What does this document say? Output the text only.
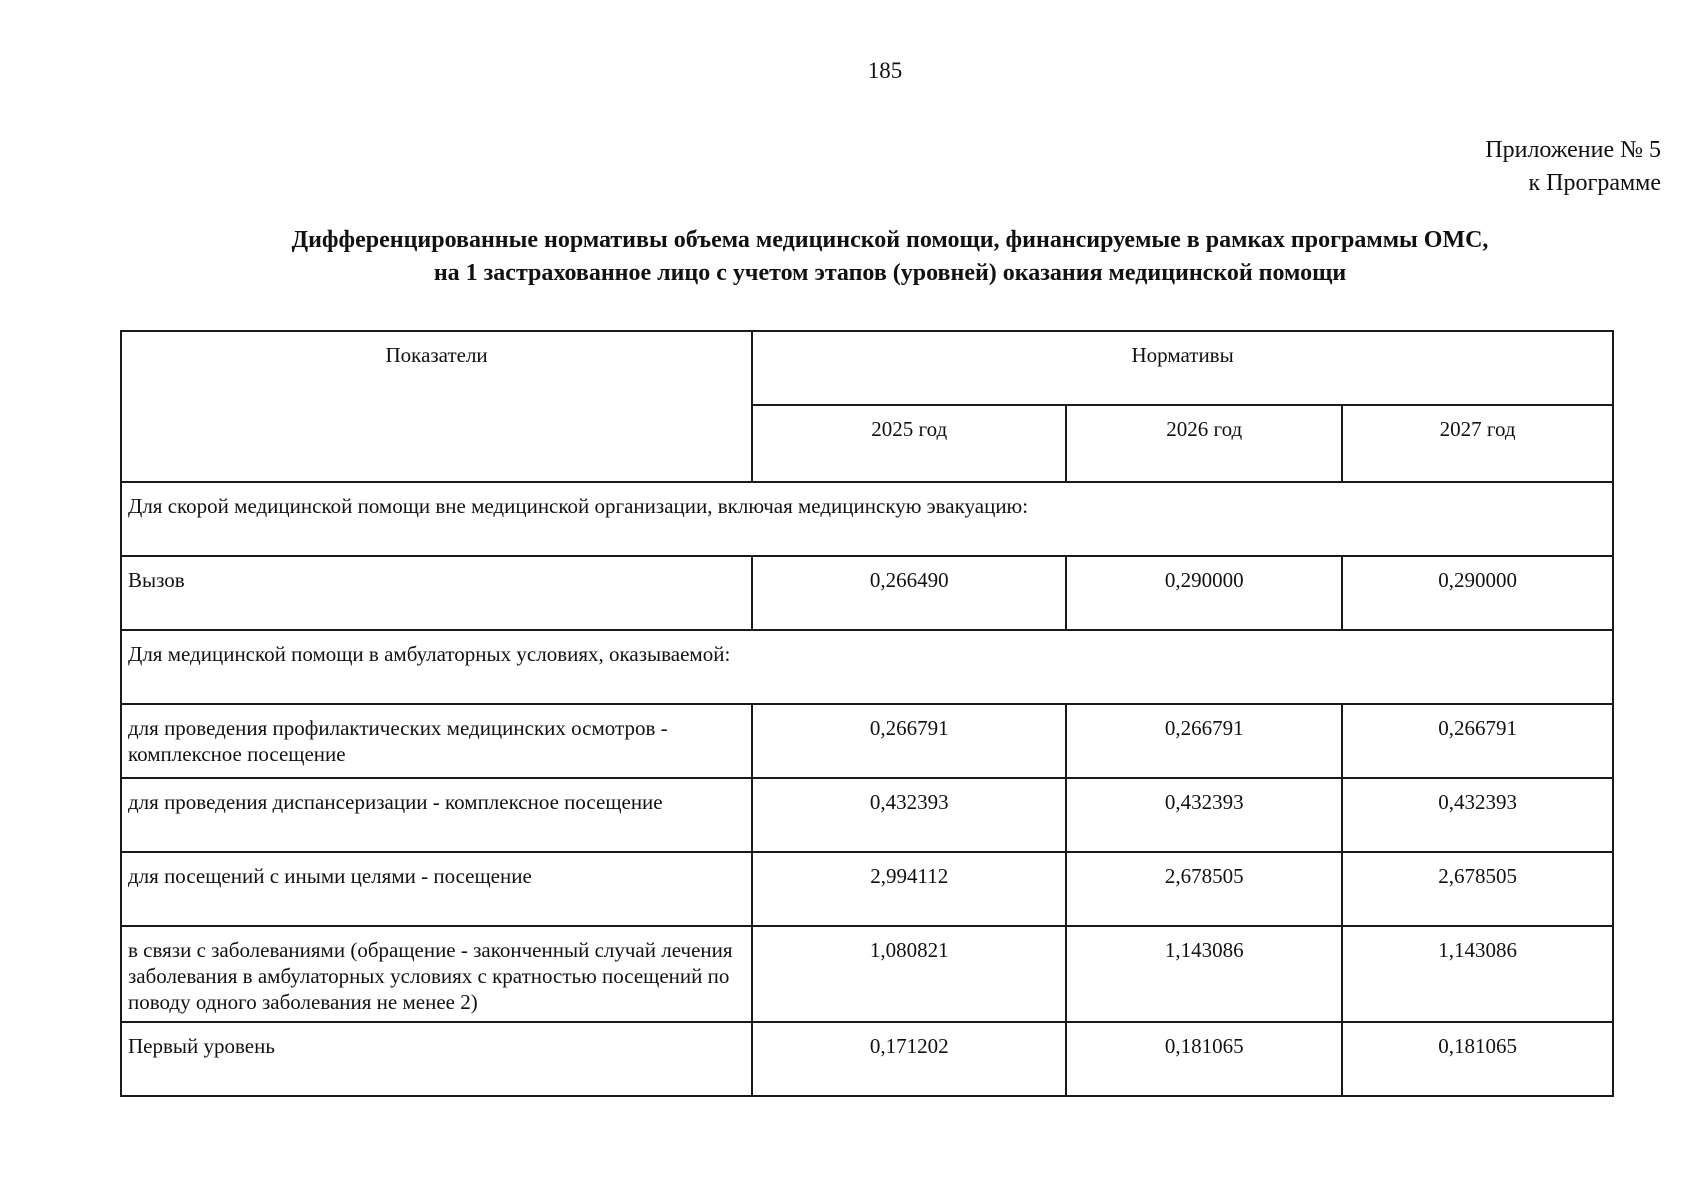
185
Приложение № 5
к Программе
Дифференцированные нормативы объема медицинской помощи, финансируемые в рамках программы ОМС,
на 1 застрахованное лицо с учетом этапов (уровней) оказания медицинской помощи
Показатели	Нормативы		
	2025 год	2026 год	2027 год
Для скорой медицинской помощи вне медицинской организации, включая медицинскую эвакуацию:			
Вызов	0,266490	0,290000	0,290000
Для медицинской помощи в амбулаторных условиях, оказываемой:			
для проведения профилактических медицинских осмотров - комплексное посещение	0,266791	0,266791	0,266791
для проведения диспансеризации - комплексное посещение	0,432393	0,432393	0,432393
для посещений с иными целями - посещение	2,994112	2,678505	2,678505
в связи с заболеваниями (обращение - законченный случай лечения заболевания в амбулаторных условиях с кратностью посещений по поводу одного заболевания не менее 2)	1,080821	1,143086	1,143086
Первый уровень	0,171202	0,181065	0,181065
